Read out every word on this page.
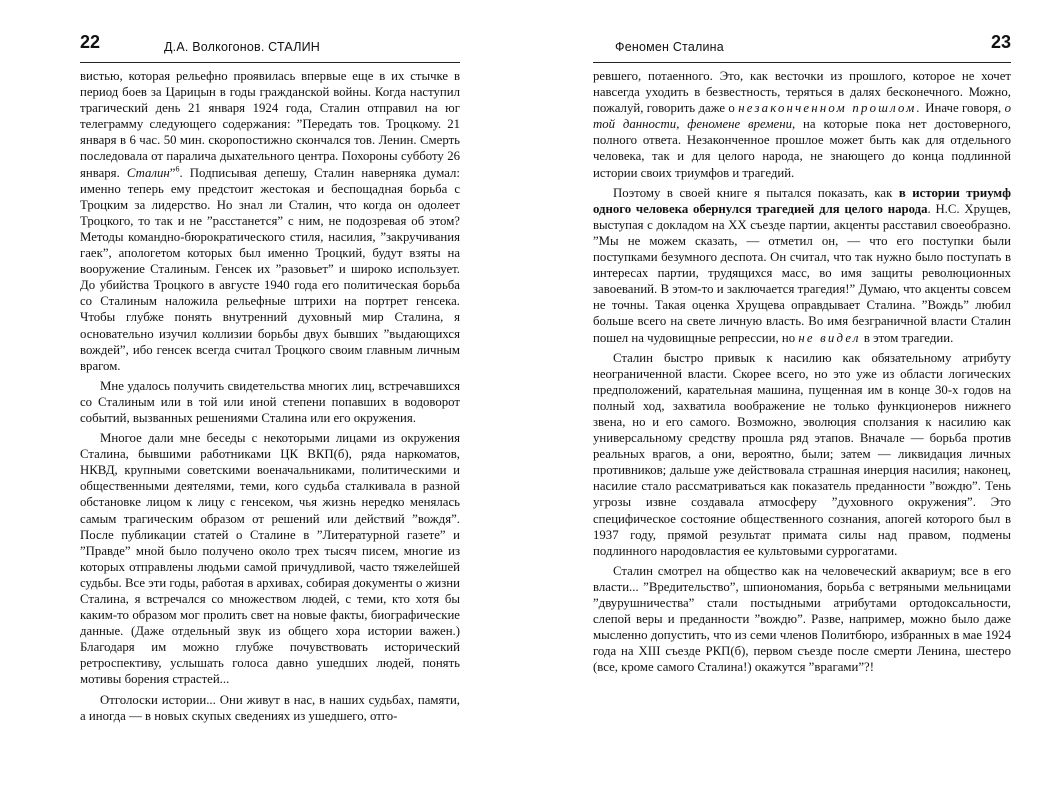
22	Д.А. Волкогонов. СТАЛИН

вистью, которая рельефно проявилась впервые еще в их стычке в период боев за Царицын в годы гражданской войны. Когда наступил трагический день 21 января 1924 года, Сталин отправил на юг телеграмму следующего содержания: ”Передать тов. Троцкому. 21 января в 6 час. 50 мин. скоропостижно скончался тов. Ленин. Смерть последовала от паралича дыхательного центра. Похороны субботу 26 января. Сталин”$^6$. Подписывая депешу, Сталин наверняка думал: именно теперь ему предстоит жестокая и беспощадная борьба с Троцким за лидерство. Но знал ли Сталин, что когда он одолеет Троцкого, то так и не ”расстанется” с ним, не подозревая об этом? Методы командно-бюрократического стиля, насилия, ”закручивания гаек”, апологетом которых был именно Троцкий, будут взяты на вооружение Сталиным. Генсек их ”разовьет” и широко использует. До убийства Троцкого в августе 1940 года его политическая борьба со Сталиным наложила рельефные штрихи на портрет генсека. Чтобы глубже понять внутренний духовный мир Сталина, я основательно изучил коллизии борьбы двух бывших ”выдающихся вождей”, ибо генсек всегда считал Троцкого своим главным личным врагом.

Мне удалось получить свидетельства многих лиц, встречавшихся со Сталиным или в той или иной степени попавших в водоворот событий, вызванных решениями Сталина или его окружения.

Многое дали мне беседы с некоторыми лицами из окружения Сталина, бывшими работниками ЦК ВКП(б), ряда наркоматов, НКВД, крупными советскими военачальниками, политическими и общественными деятелями, теми, кого судьба сталкивала в разной обстановке лицом к лицу с генсеком, чья жизнь нередко менялась самым трагическим образом от решений или действий ”вождя”. После публикации статей о Сталине в ”Литературной газете” и ”Правде” мной было получено около трех тысяч писем, многие из которых отправлены людьми самой причудливой, часто тяжелейшей судьбы. Все эти годы, работая в архивах, собирая документы о жизни Сталина, я встречался со множеством людей, с теми, кто хотя бы каким-то образом мог пролить свет на новые факты, биографические данные. (Даже отдельный звук из общего хора истории важен.) Благодаря им можно глубже почувствовать исторический ретроспективу, услышать голоса давно ушедших людей, понять мотивы борения страстей...

Отголоски истории... Они живут в нас, в наших судьбах, памяти, а иногда — в новых скупых сведениях из ушедшего, отго-

Феномен Сталина	23

ревшего, потаенного. Это, как весточки из прошлого, которое не хочет навсегда уходить в безвестность, теряться в далях бесконечного. Можно, пожалуй, говорить даже о незаконченном прошлом. Иначе говоря, о той данности, феномене времени, на которые пока нет достоверного, полного ответа. Незаконченное прошлое может быть как для отдельного человека, так и для целого народа, не знающего до конца подлинной истории своих триумфов и трагедий.

Поэтому в своей книге я пытался показать, как в истории триумф одного человека обернулся трагедией для целого народа. Н.С. Хрущев, выступая с докладом на XX съезде партии, акценты расставил своеобразно. ”Мы не можем сказать, — отметил он, — что его поступки были поступками безумного деспота. Он считал, что так нужно было поступать в интересах партии, трудящихся масс, во имя защиты революционных завоеваний. В этом-то и заключается трагедия!” Думаю, что акценты совсем не точны. Такая оценка Хрущева оправдывает Сталина. ”Вождь” любил больше всего на свете личную власть. Во имя безграничной власти Сталин пошел на чудовищные репрессии, но не видел в этом трагедии.

Сталин быстро привык к насилию как обязательному атрибуту неограниченной власти. Скорее всего, но это уже из области логических предположений, карательная машина, пущенная им в конце 30-х годов на полный ход, захватила воображение не только функционеров нижнего звена, но и его самого. Возможно, эволюция сползания к насилию как универсальному средству прошла ряд этапов. Вначале — борьба против реальных врагов, а они, вероятно, были; затем — ликвидация личных противников; дальше уже действовала страшная инерция насилия; наконец, насилие стало рассматриваться как показатель преданности ”вождю”. Тень угрозы извне создавала атмосферу ”духовного окружения”. Это специфическое состояние общественного сознания, апогей которого был в 1937 году, прямой результат примата силы над правом, подмены подлинного народовластия ее культовыми суррогатами.

Сталин смотрел на общество как на человеческий аквариум; все в его власти... ”Вредительство”, шпиономания, борьба с ветряными мельницами ”двурушничества” стали постыдными атрибутами ортодоксальности, слепой веры и преданности ”вождю”. Разве, например, можно было даже мысленно допустить, что из семи членов Политбюро, избранных в мае 1924 года на XIII съезде РКП(б), первом съезде после смерти Ленина, шестеро (все, кроме самого Сталина!) окажутся ”врагами”?!
